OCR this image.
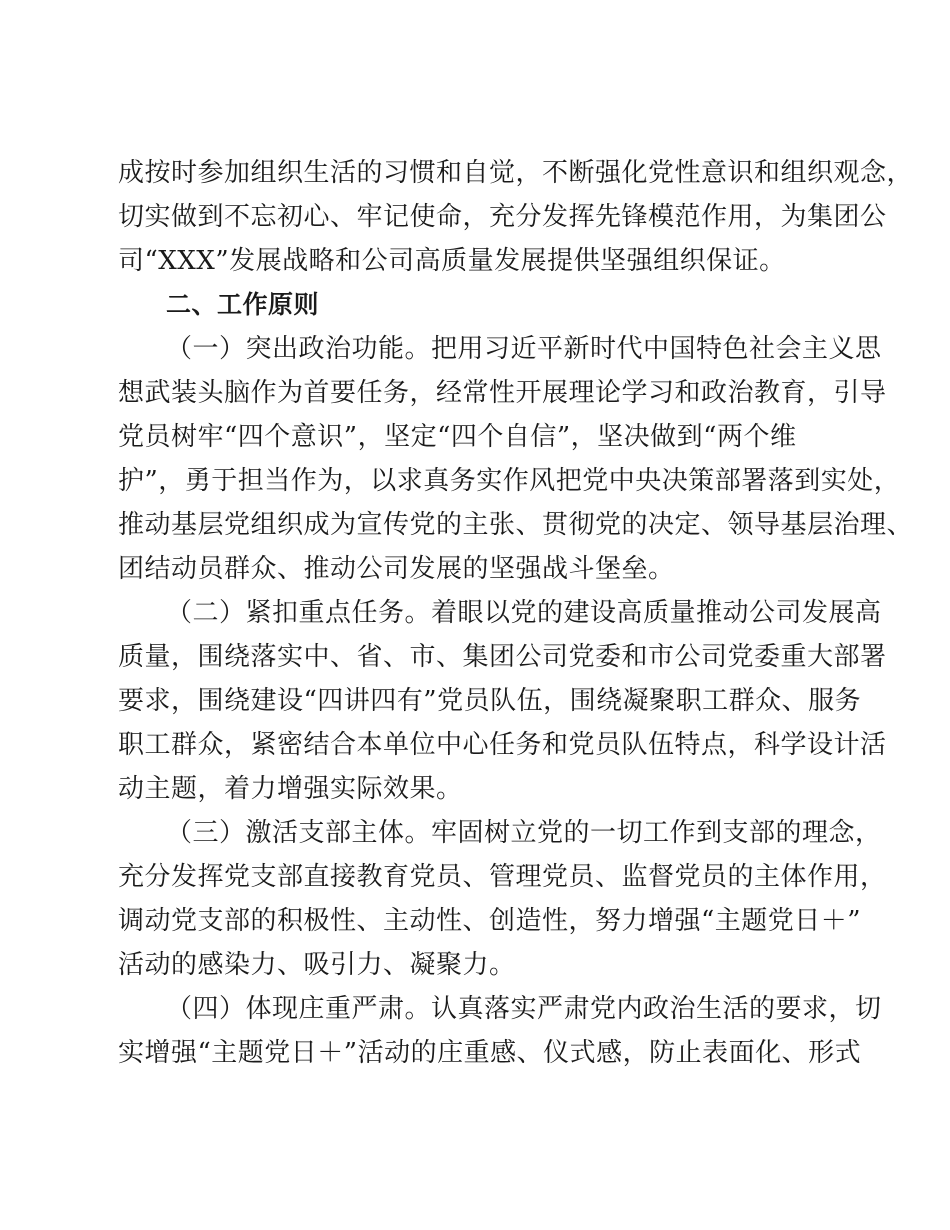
成按时参加组织生活的习惯和自觉，不断强化党性意识和组织观念，
切实做到不忘初心、牢记使命，充分发挥先锋模范作用，为集团公
司“XXX”发展战略和公司高质量发展提供坚强组织保证。
二、工作原则
（一）突出政治功能。把用习近平新时代中国特色社会主义思
想武装头脑作为首要任务，经常性开展理论学习和政治教育，引导
党员树牢“四个意识”，坚定“四个自信”，坚决做到“两个维
护”，勇于担当作为，以求真务实作风把党中央决策部署落到实处，
推动基层党组织成为宣传党的主张、贯彻党的决定、领导基层治理、
团结动员群众、推动公司发展的坚强战斗堡垒。
（二）紧扣重点任务。着眼以党的建设高质量推动公司发展高
质量，围绕落实中、省、市、集团公司党委和市公司党委重大部署
要求，围绕建设“四讲四有”党员队伍，围绕凝聚职工群众、服务
职工群众，紧密结合本单位中心任务和党员队伍特点，科学设计活
动主题，着力增强实际效果。
（三）激活支部主体。牢固树立党的一切工作到支部的理念，
充分发挥党支部直接教育党员、管理党员、监督党员的主体作用，
调动党支部的积极性、主动性、创造性，努力增强“主题党日＋”
活动的感染力、吸引力、凝聚力。
（四）体现庄重严肃。认真落实严肃党内政治生活的要求，切
实增强“主题党日＋”活动的庄重感、仪式感，防止表面化、形式
